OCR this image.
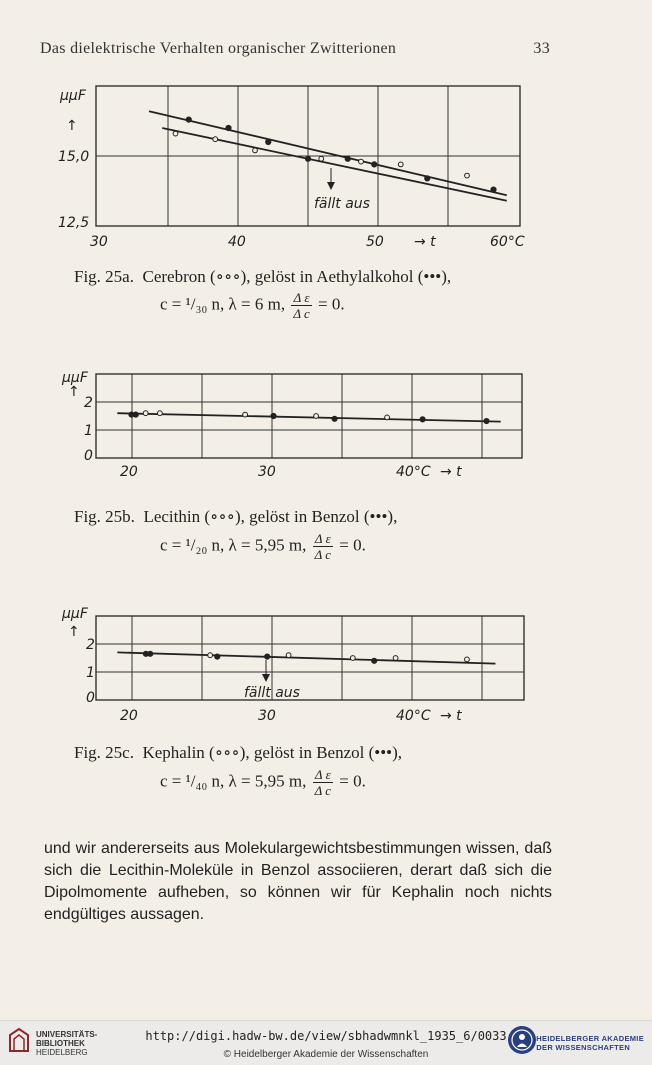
Das dielektrische Verhalten organischer Zwitterionen	33
μμF
↑
15,0
12,5
30	40	50	60°C
→ t
fällt aus
Fig. 25a. Cerebron (∘∘∘), gelöst in Aethylalkohol (•••),
c = ¹/₃₀ n, λ = 6 m, $\frac{\text{Δ ε}}{\text{Δ c}} = 0$.
μμF
↑
2
1
0
20	30	40°C → t
Fig. 25b. Lecithin (∘∘∘), gelöst in Benzol (•••),
c = ¹/₂₀ n, λ = 5,95 m, $\frac{\text{Δ ε}}{\text{Δ c}} = 0$.
μμF
↑
2
1
0
20	30	40°C → t
fällt aus
Fig. 25c. Kephalin (∘∘∘), gelöst in Benzol (•••),
c = ¹/₄₀ n, λ = 5,95 m, $\frac{\text{Δ ε}}{\text{Δ c}} = 0$.
und wir andererseits aus Molekulargewichtsbestimmungen wissen, daß sich die Lecithin-Moleküle in Benzol associieren, derart daß sich die Dipolmomente aufheben, so können wir für Kephalin noch nichts endgültiges aussagen.
UNIVERSITÄTS-
BIBLIOTHEK
HEIDELBERG
http://digi.hadw-bw.de/view/sbhadwmnkl_1935_6/0033
© Heidelberger Akademie der Wissenschaften
HEIDELBERGER AKADEMIE
DER WISSENSCHAFTEN
